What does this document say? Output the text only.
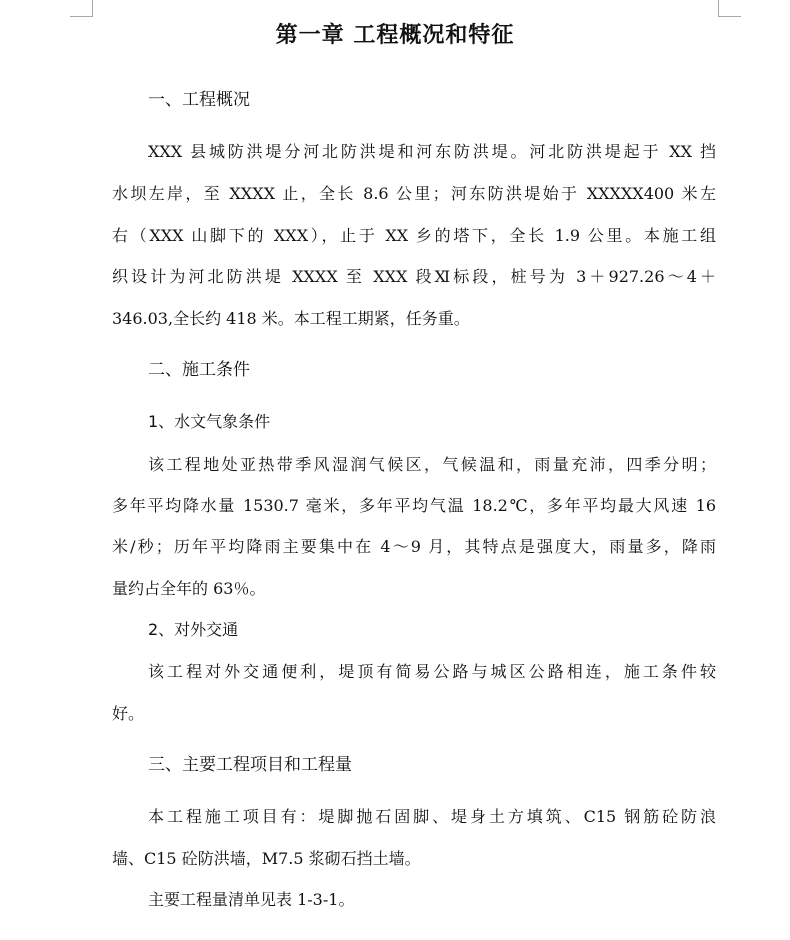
第一章 工程概况和特征
一、工程概况
XXX 县城防洪堤分河北防洪堤和河东防洪堤。河北防洪堤起于 XX 挡
水坝左岸，至 XXXX 止，全长 8.6 公里；河东防洪堤始于 XXXXX400 米左
右（XXX 山脚下的 XXX），止于 XX 乡的塔下，全长 1.9 公里。本施工组
织设计为河北防洪堤 XXXX 至 XXX 段Ⅺ标段，桩号为 3＋927.26～4＋
346.03,全长约 418 米。本工程工期紧，任务重。
二、施工条件
1、水文气象条件
该工程地处亚热带季风湿润气候区，气候温和，雨量充沛，四季分明；
多年平均降水量 1530.7 毫米，多年平均气温 18.2℃，多年平均最大风速 16
米/秒；历年平均降雨主要集中在 4～9 月，其特点是强度大，雨量多，降雨
量约占全年的 63％。
2、对外交通
该工程对外交通便利，堤顶有简易公路与城区公路相连，施工条件较
好。
三、主要工程项目和工程量
本工程施工项目有：堤脚抛石固脚、堤身土方填筑、C15 钢筋砼防浪
墙、C15 砼防洪墙，M7.5 浆砌石挡土墙。
主要工程量清单见表 1-3-1。
